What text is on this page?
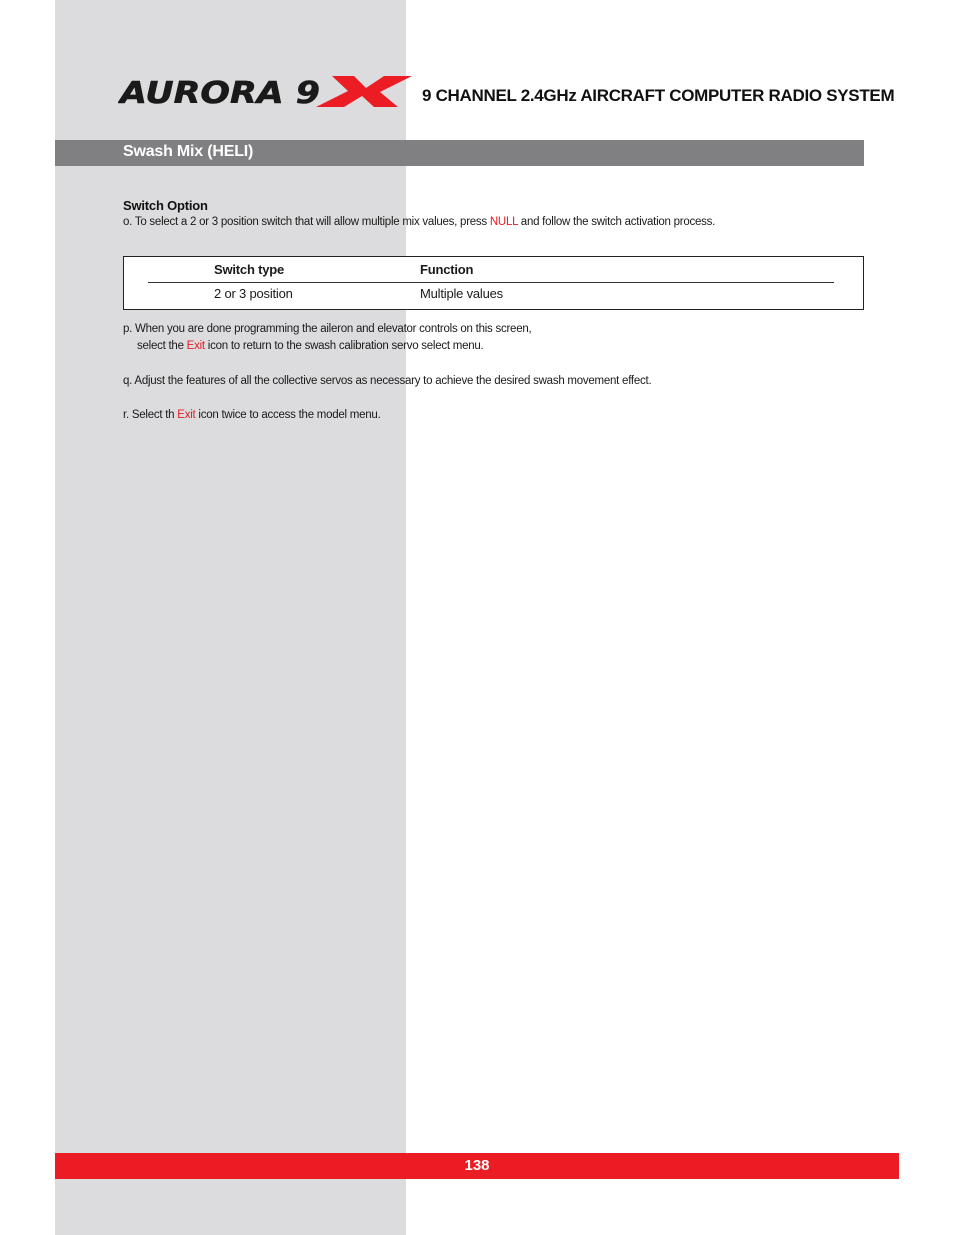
AURORA 9	9 CHANNEL 2.4GHz AIRCRAFT COMPUTER RADIO SYSTEM
Swash Mix (HELI)
Switch Option
o. To select a 2 or 3 position switch that will allow multiple mix values, press NULL and follow the switch activation process.
Switch type	Function
2 or 3 position	Multiple values
p. When you are done programming the aileron and elevator controls on this screen,
select the Exit icon to return to the swash calibration servo select menu.
q. Adjust the features of all the collective servos as necessary to achieve the desired swash movement effect.
r. Select th Exit icon twice to access the model menu.
138
